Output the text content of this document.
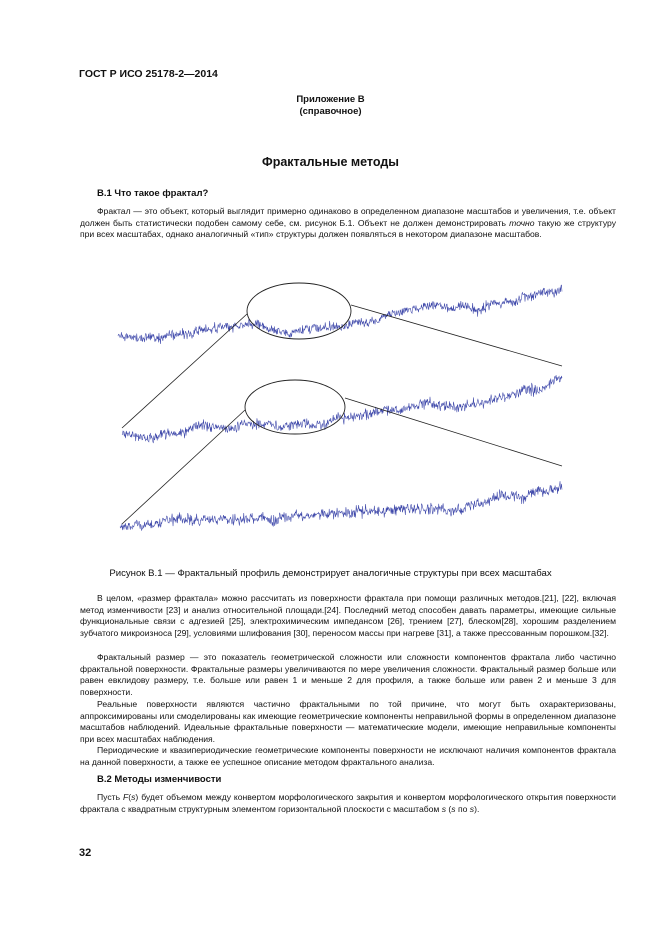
ГОСТ Р ИСО 25178-2—2014
Приложение В
(справочное)
Фрактальные методы
В.1 Что такое фрактал?

Фрактал — это объект, который выглядит примерно одинаково в определенном диапазоне масштабов и увеличения, т.е. объект должен быть статистически подобен самому себе, см. рисунок Б.1. Объект не должен демонстрировать точно такую же структуру при всех масштабах, однако аналогичный «тип» структуры должен появляться в некотором диапазоне масштабов.

Рисунок В.1 — Фрактальный профиль демонстрирует аналогичные структуры при всех масштабах

В целом, «размер фрактала» можно рассчитать из поверхности фрактала при помощи различных методов.[21], [22], включая метод изменчивости [23] и анализ относительной площади.[24]. Последний метод способен давать параметры, имеющие сильные функциональные связи с адгезией [25], электрохимическим импедансом [26], трением [27], блеском[28], хорошим разделением зубчатого микроизноса [29], условиями шлифования [30], переносом массы при нагреве [31], а также прессованным порошком.[32].

Фрактальный размер — это показатель геометрической сложности или сложности компонентов фрактала либо частично фрактальной поверхности. Фрактальные размеры увеличиваются по мере увеличения сложности. Фрактальный размер больше или равен евклидову размеру, т.е. больше или равен 1 и меньше 2 для профиля, а также больше или равен 2 и меньше 3 для поверхности.

Реальные поверхности являются частично фрактальными по той причине, что могут быть охарактеризованы, аппроксимированы или смоделированы как имеющие геометрические компоненты неправильной формы в определенном диапазоне масштабов наблюдений. Идеальные фрактальные поверхности — математические модели, имеющие неправильные компоненты при всех масштабах наблюдения.

Периодические и квазипериодические геометрические компоненты поверхности не исключают наличия компонентов фрактала на данной поверхности, а также ее успешное описание методом фрактального анализа.

В.2 Методы изменчивости

Пусть F(s) будет объемом между конвертом морфологического закрытия и конвертом морфологического открытия поверхности фрактала с квадратным структурным элементом горизонтальной плоскости с масштабом s (s по s).

32
